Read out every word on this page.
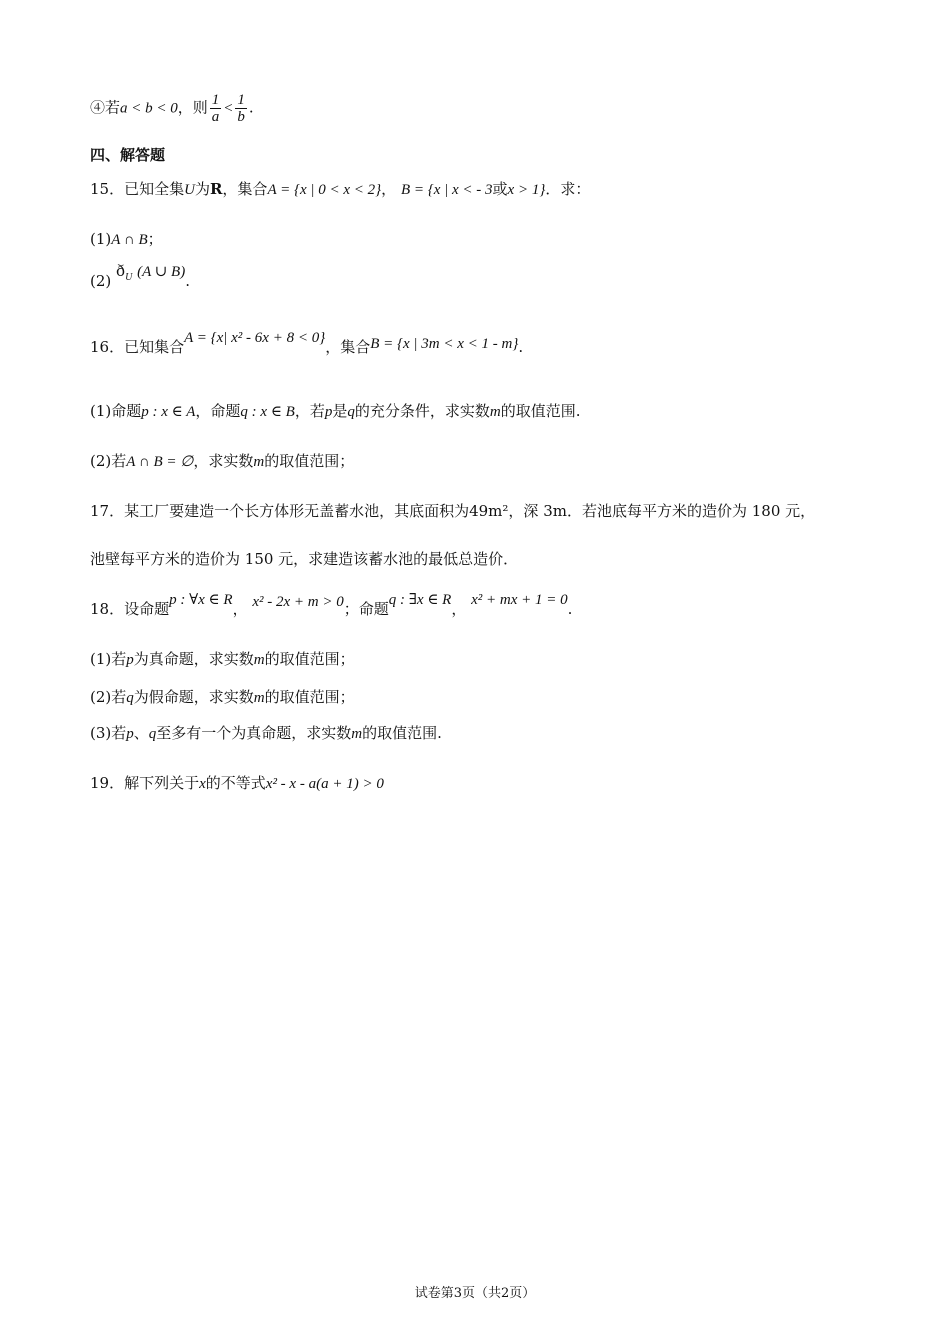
④若a < b < 0，则 $\frac{1}{a} < \frac{1}{b}$ .
四、解答题
15．已知全集U为R，集合A = {x | 0 < x < 2}， B = {x | x < - 3或x > 1}．求：
(1)A ∩ B；
(2) $ð_U$ (A ∪ B).
16．已知集合A = {x| x² - 6x + 8 < 0}，集合B = {x | 3m < x < 1 - m}.
(1)命题p : x ∈ A，命题q : x ∈ B，若p是q的充分条件，求实数m的取值范围.
(2)若A ∩ B = ∅，求实数m的取值范围；
17．某工厂要建造一个长方体形无盖蓄水池，其底面积为49m²，深 3m．若池底每平方米的造价为 180 元，
池壁每平方米的造价为 150 元，求建造该蓄水池的最低总造价．
18．设命题p : ∀x ∈ R， x² - 2x + m > 0；命题q : ∃x ∈ R， x² + mx + 1 = 0.
(1)若p为真命题，求实数m的取值范围；
(2)若q为假命题，求实数m的取值范围；
(3)若p、q至多有一个为真命题，求实数m的取值范围.
19．解下列关于x的不等式x² - x - a(a + 1) > 0
试卷第3页（共2页）
